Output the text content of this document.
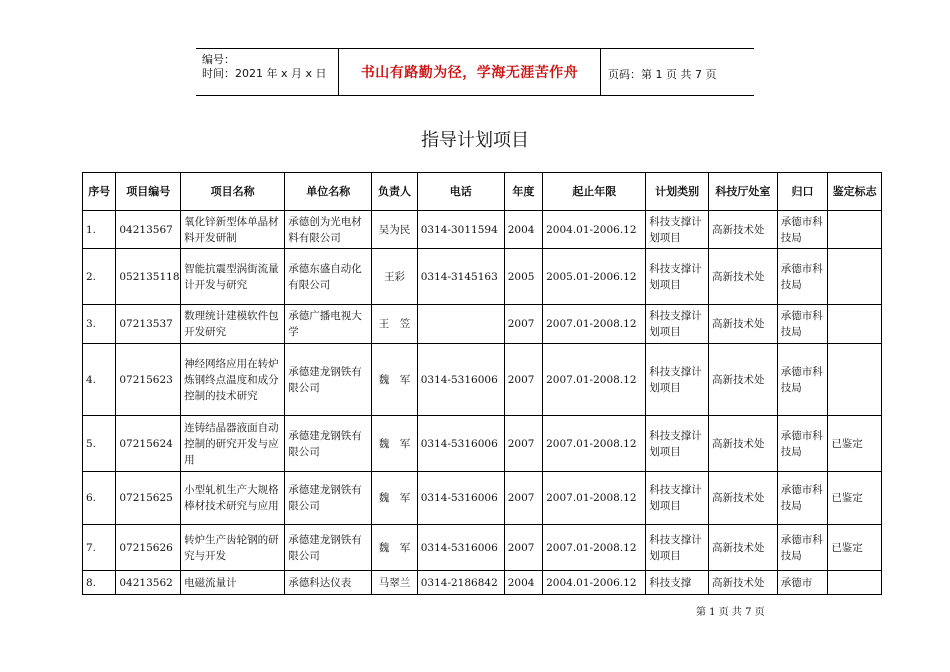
编号：
时间：2021 年 x 月 x 日	书山有路勤为径，学海无涯苦作舟	页码：第 1 页 共 7 页
指导计划项目
序号	项目编号	项目名称	单位名称	负责人	电话	年度	起止年限	计划类别	科技厅处室	归口	鉴定标志
1.	04213567	氧化锌新型体单晶材料开发研制	承德创为光电材料有限公司	吴为民	0314-3011594	2004	2004.01-2006.12	科技支撑计划项目	高新技术处	承德市科技局	
2.	052135118	智能抗震型涡街流量计开发与研究	承德东盛自动化有限公司	王彩	0314-3145163	2005	2005.01-2006.12	科技支撑计划项目	高新技术处	承德市科技局	
3.	07213537	数理统计建模软件包开发研究	承德广播电视大学	王　笠		2007	2007.01-2008.12	科技支撑计划项目	高新技术处	承德市科技局	
4.	07215623	神经网络应用在转炉炼钢终点温度和成分控制的技术研究	承德建龙钢铁有限公司	魏　军	0314-5316006	2007	2007.01-2008.12	科技支撑计划项目	高新技术处	承德市科技局	
5.	07215624	连铸结晶器液面自动控制的研究开发与应用	承德建龙钢铁有限公司	魏　军	0314-5316006	2007	2007.01-2008.12	科技支撑计划项目	高新技术处	承德市科技局	已鉴定
6.	07215625	小型轧机生产大规格棒材技术研究与应用	承德建龙钢铁有限公司	魏　军	0314-5316006	2007	2007.01-2008.12	科技支撑计划项目	高新技术处	承德市科技局	已鉴定
7.	07215626	转炉生产齿轮钢的研究与开发	承德建龙钢铁有限公司	魏　军	0314-5316006	2007	2007.01-2008.12	科技支撑计划项目	高新技术处	承德市科技局	已鉴定
8.	04213562	电磁流量计	承德科达仪表	马翠兰	0314-2186842	2004	2004.01-2006.12	科技支撑	高新技术处	承德市	
第 1 页 共 7 页
